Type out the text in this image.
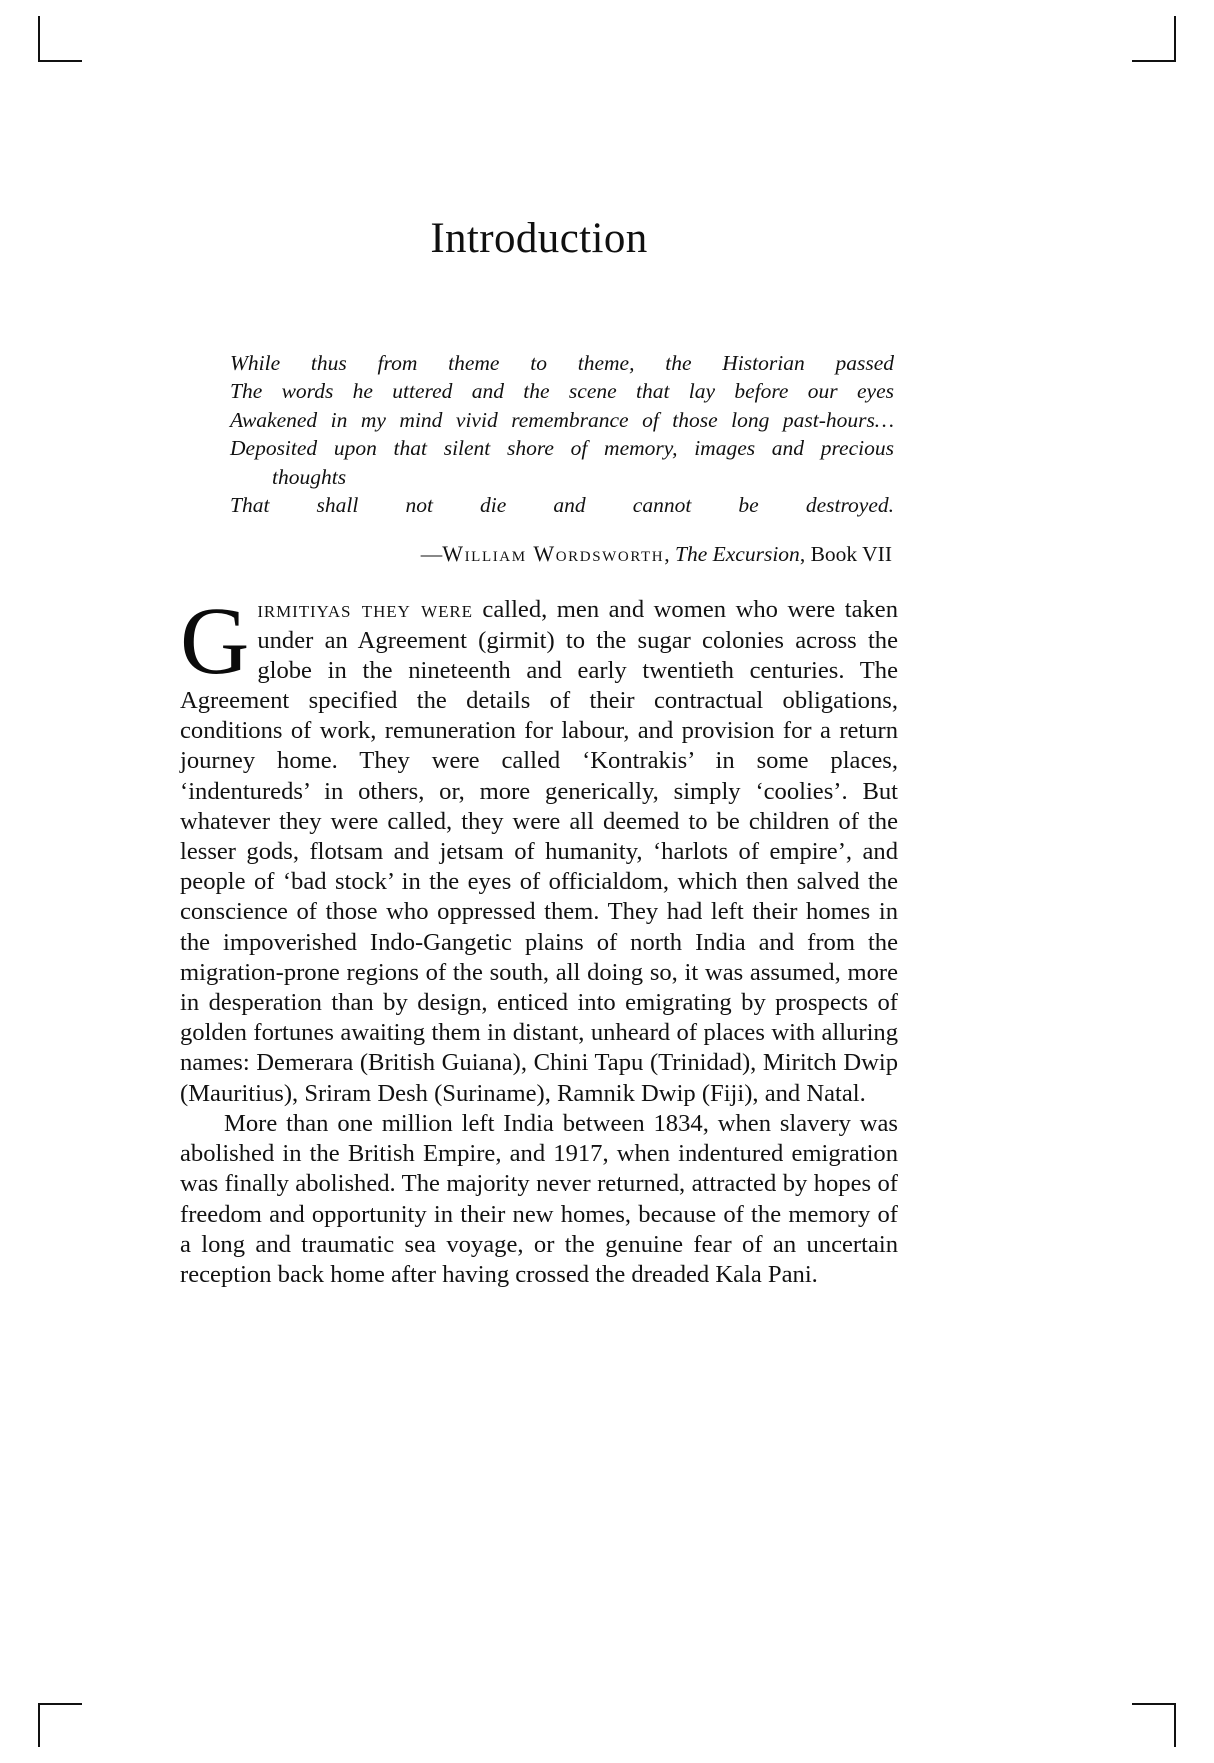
Introduction
While thus from theme to theme, the Historian passed
The words he uttered and the scene that lay before our eyes
Awakened in my mind vivid remembrance of those long past-hours…
Deposited upon that silent shore of memory, images and precious
thoughts
That shall not die and cannot be destroyed.
—William Wordsworth, The Excursion, Book VII

Girmitiyas they were called, men and women who were taken under an Agreement (girmit) to the sugar colonies across the globe in the nineteenth and early twentieth centuries. The Agreement specified the details of their contractual obligations, conditions of work, remuneration for labour, and provision for a return journey home. They were called ‘Kontrakis’ in some places, ‘indentureds’ in others, or, more generically, simply ‘coolies’. But whatever they were called, they were all deemed to be children of the lesser gods, flotsam and jetsam of humanity, ‘harlots of empire’, and people of ‘bad stock’ in the eyes of officialdom, which then salved the conscience of those who oppressed them. They had left their homes in the impoverished Indo-Gangetic plains of north India and from the migration-prone regions of the south, all doing so, it was assumed, more in desperation than by design, enticed into emigrating by prospects of golden fortunes awaiting them in distant, unheard of places with alluring names: Demerara (British Guiana), Chini Tapu (Trinidad), Miritch Dwip (Mauritius), Sriram Desh (Suriname), Ramnik Dwip (Fiji), and Natal.

More than one million left India between 1834, when slavery was abolished in the British Empire, and 1917, when indentured emigration was finally abolished. The majority never returned, attracted by hopes of freedom and opportunity in their new homes, because of the memory of a long and traumatic sea voyage, or the genuine fear of an uncertain reception back home after having crossed the dreaded Kala Pani.
